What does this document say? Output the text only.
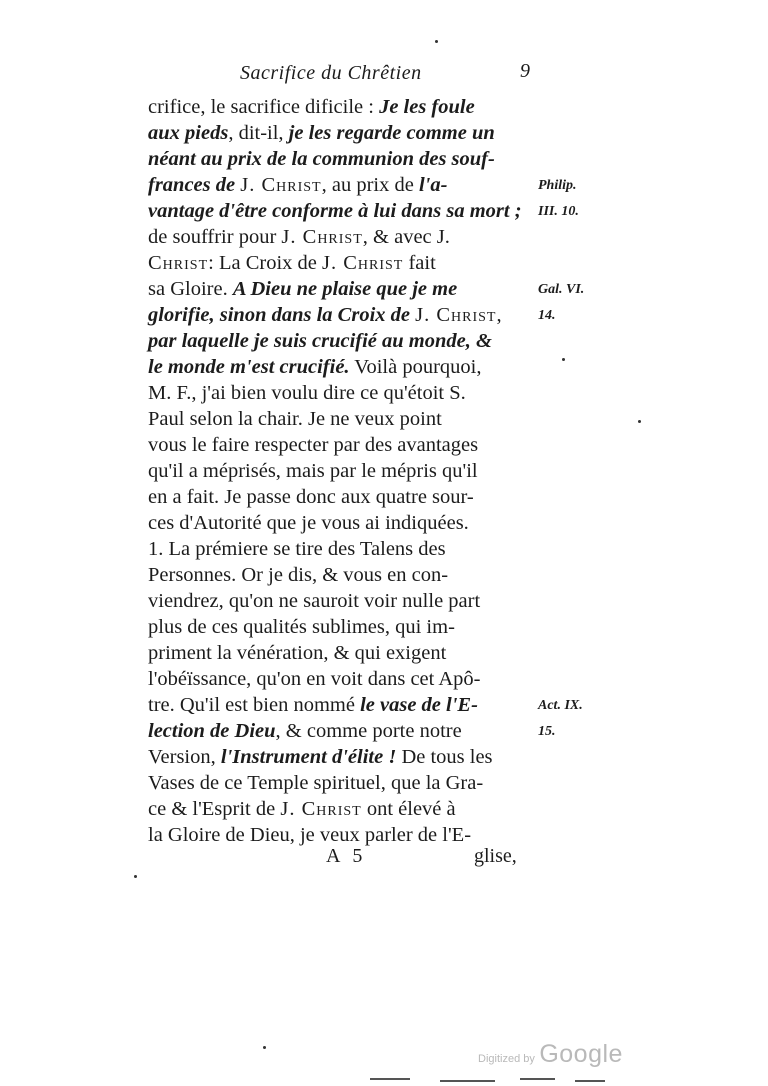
Sacrifice du Chrêtien	9
crifice, le sacrifice dificile : Je les foule
aux pieds, dit-il, je les regarde comme un
néant au prix de la communion des souf-
frances de J. Christ, au prix de l'a-
vantage d'être conforme à lui dans sa mort ;
de souffrir pour J. Christ, & avec J.
Christ: La Croix de J. Christ fait
sa Gloire. A Dieu ne plaise que je me
glorifie, sinon dans la Croix de J. Christ,
par laquelle je suis crucifié au monde, &
le monde m'est crucifié. Voilà pourquoi,
M. F., j'ai bien voulu dire ce qu'étoit S.
Paul selon la chair. Je ne veux point
vous le faire respecter par des avantages
qu'il a méprisés, mais par le mépris qu'il
en a fait. Je passe donc aux quatre sour-
ces d'Autorité que je vous ai indiquées.
1. La prémiere se tire des Talens des
Personnes. Or je dis, & vous en con-
viendrez, qu'on ne sauroit voir nulle part
plus de ces qualités sublimes, qui im-
priment la vénération, & qui exigent
l'obéïssance, qu'on en voit dans cet Apô-
tre. Qu'il est bien nommé le vase de l'E-
lection de Dieu, & comme porte notre
Version, l'Instrument d'élite ! De tous les
Vases de ce Temple spirituel, que la Gra-
ce & l'Esprit de J. Christ ont élevé à
la Gloire de Dieu, je veux parler de l'E-
Philip.
III. 10.
Gal. VI.
14.
Act. IX.
15.
A 5	glise,
Digitized by Google
